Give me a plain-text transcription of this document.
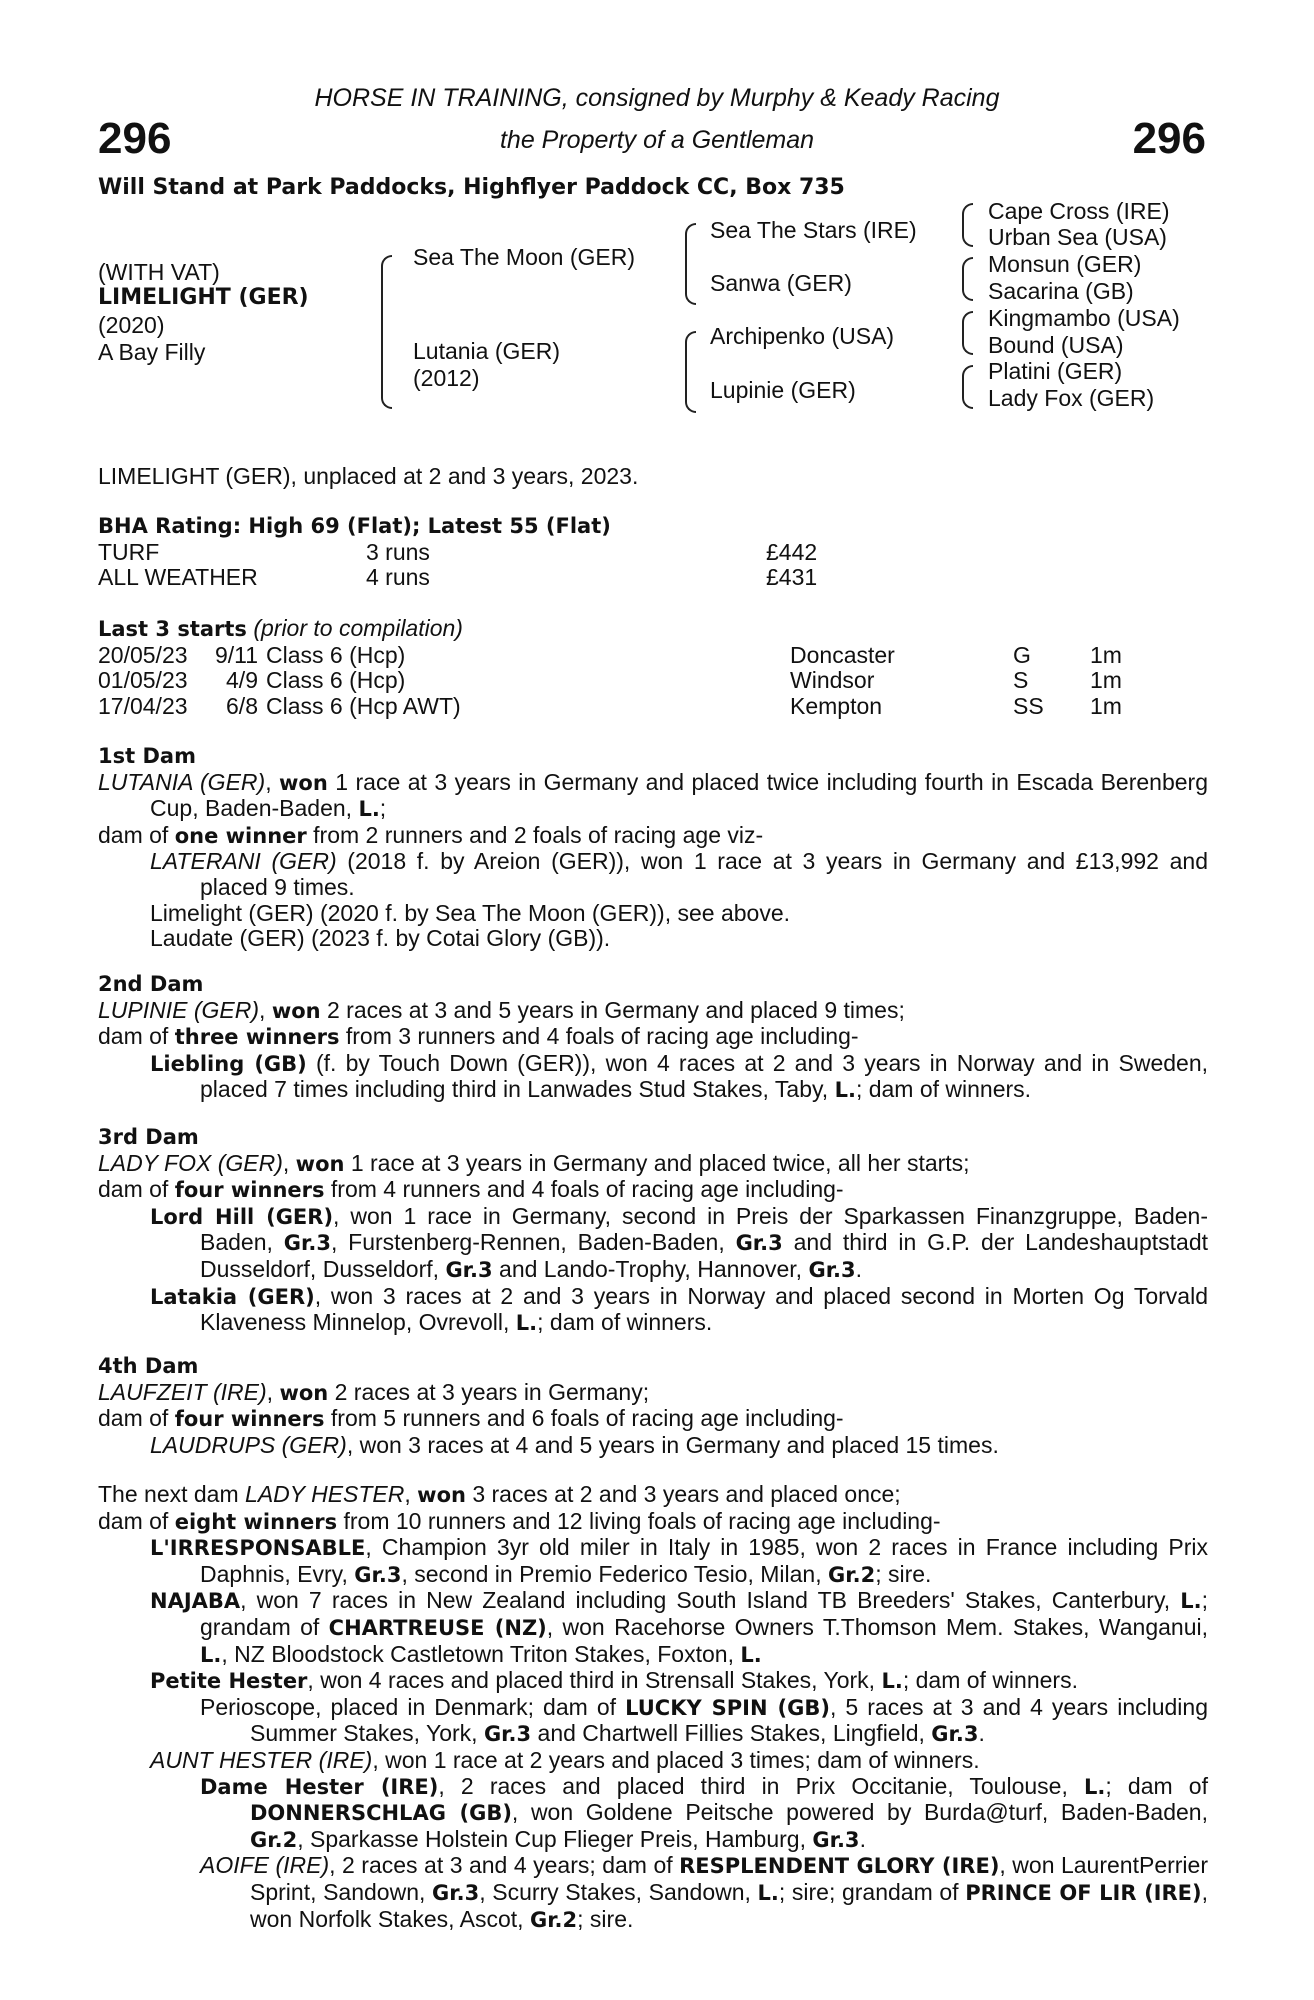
296	296
HORSE IN TRAINING, consigned by Murphy & Keady Racing
the Property of a Gentleman
Will Stand at Park Paddocks, Highflyer Paddock CC, Box 735
(WITH VAT)
LIMELIGHT (GER)
(2020)
A Bay Filly
Sea The Moon (GER)
Lutania (GER)
(2012)
Sea The Stars (IRE)
Sanwa (GER)
Archipenko (USA)
Lupinie (GER)
Cape Cross (IRE)
Urban Sea (USA)
Monsun (GER)
Sacarina (GB)
Kingmambo (USA)
Bound (USA)
Platini (GER)
Lady Fox (GER)
LIMELIGHT (GER), unplaced at 2 and 3 years, 2023.

BHA Rating: High 69 (Flat); Latest 55 (Flat)

TURF	3 runs	£442
ALL WEATHER	4 runs	£431

Last 3 starts (prior to compilation)

20/05/23	9/11 Class 6 (Hcp)	Doncaster	G	1m
01/05/23	4/9 Class 6 (Hcp)	Windsor	S	1m
17/04/23	6/8 Class 6 (Hcp AWT)	Kempton	SS	1m

1st Dam

LUTANIA (GER), won 1 race at 3 years in Germany and placed twice including fourth in Escada Berenberg Cup, Baden-Baden, L.;

dam of one winner from 2 runners and 2 foals of racing age viz-

LATERANI (GER) (2018 f. by Areion (GER)), won 1 race at 3 years in Germany and £13,992 and placed 9 times.

Limelight (GER) (2020 f. by Sea The Moon (GER)), see above.

Laudate (GER) (2023 f. by Cotai Glory (GB)).

2nd Dam

LUPINIE (GER), won 2 races at 3 and 5 years in Germany and placed 9 times;

dam of three winners from 3 runners and 4 foals of racing age including-

Liebling (GB) (f. by Touch Down (GER)), won 4 races at 2 and 3 years in Norway and in Sweden, placed 7 times including third in Lanwades Stud Stakes, Taby, L.; dam of winners.

3rd Dam

LADY FOX (GER), won 1 race at 3 years in Germany and placed twice, all her starts;

dam of four winners from 4 runners and 4 foals of racing age including-

Lord Hill (GER), won 1 race in Germany, second in Preis der Sparkassen Finanzgruppe, Baden-Baden, Gr.3, Furstenberg-Rennen, Baden-Baden, Gr.3 and third in G.P. der Landeshauptstadt Dusseldorf, Dusseldorf, Gr.3 and Lando-Trophy, Hannover, Gr.3.

Latakia (GER), won 3 races at 2 and 3 years in Norway and placed second in Morten Og Torvald Klaveness Minnelop, Ovrevoll, L.; dam of winners.

4th Dam

LAUFZEIT (IRE), won 2 races at 3 years in Germany;

dam of four winners from 5 runners and 6 foals of racing age including-

LAUDRUPS (GER), won 3 races at 4 and 5 years in Germany and placed 15 times.

The next dam LADY HESTER, won 3 races at 2 and 3 years and placed once;

dam of eight winners from 10 runners and 12 living foals of racing age including-

L'IRRESPONSABLE, Champion 3yr old miler in Italy in 1985, won 2 races in France including Prix Daphnis, Evry, Gr.3, second in Premio Federico Tesio, Milan, Gr.2; sire.

NAJABA, won 7 races in New Zealand including South Island TB Breeders' Stakes, Canterbury, L.; grandam of CHARTREUSE (NZ), won Racehorse Owners T.Thomson Mem. Stakes, Wanganui, L., NZ Bloodstock Castletown Triton Stakes, Foxton, L.

Petite Hester, won 4 races and placed third in Strensall Stakes, York, L.; dam of winners.

Perioscope, placed in Denmark; dam of LUCKY SPIN (GB), 5 races at 3 and 4 years including Summer Stakes, York, Gr.3 and Chartwell Fillies Stakes, Lingfield, Gr.3.

AUNT HESTER (IRE), won 1 race at 2 years and placed 3 times; dam of winners.

Dame Hester (IRE), 2 races and placed third in Prix Occitanie, Toulouse, L.; dam of DONNERSCHLAG (GB), won Goldene Peitsche powered by Burda@turf, Baden-Baden, Gr.2, Sparkasse Holstein Cup Flieger Preis, Hamburg, Gr.3.

AOIFE (IRE), 2 races at 3 and 4 years; dam of RESPLENDENT GLORY (IRE), won LaurentPerrier Sprint, Sandown, Gr.3, Scurry Stakes, Sandown, L.; sire; grandam of PRINCE OF LIR (IRE), won Norfolk Stakes, Ascot, Gr.2; sire.
